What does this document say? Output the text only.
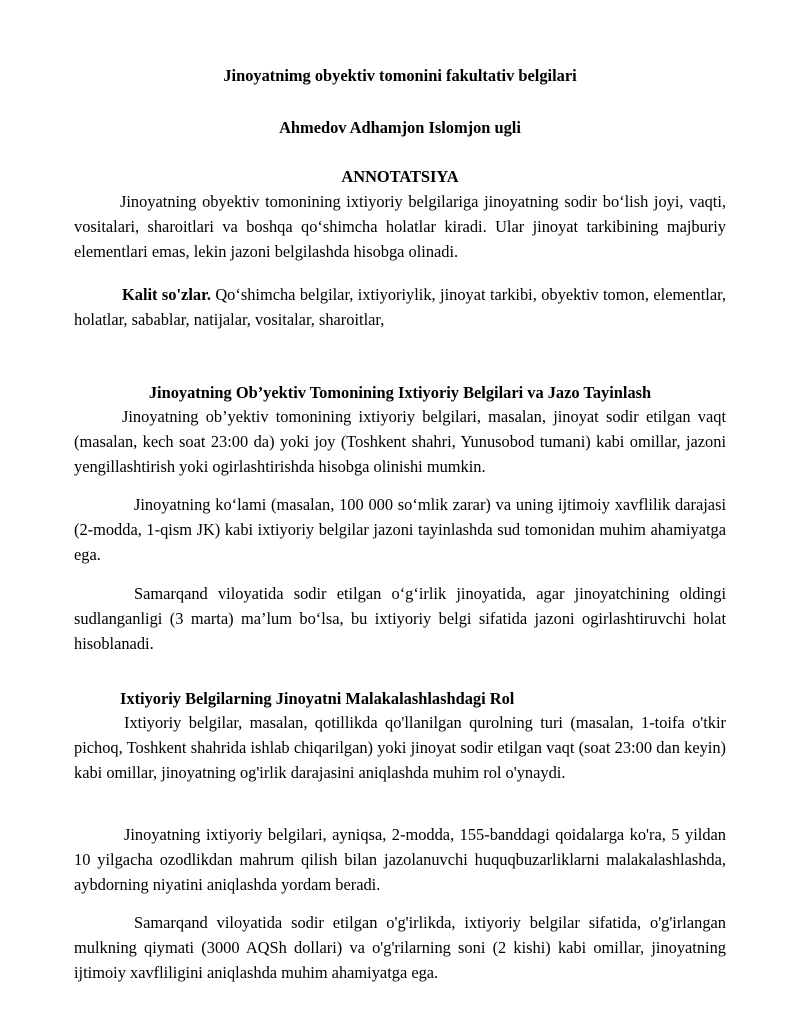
Jinoyatnimg obyektiv tomonini fakultativ belgilari
Ahmedov Adhamjon Islomjon ugli
ANNOTATSIYA
Jinoyatning obyektiv tomonining ixtiyoriy belgilariga jinoyatning sodir bo‘lish joyi, vaqti, vositalari, sharoitlari va boshqa qo‘shimcha holatlar kiradi. Ular jinoyat tarkibining majburiy elementlari emas, lekin jazoni belgilashda hisobga olinadi.
Kalit so'zlar. Qo‘shimcha belgilar, ixtiyoriylik, jinoyat tarkibi, obyektiv tomon, elementlar, holatlar, sabablar, natijalar, vositalar, sharoitlar,
Jinoyatning Ob’yektiv Tomonining Ixtiyoriy Belgilari va Jazo Tayinlash
Jinoyatning ob’yektiv tomonining ixtiyoriy belgilari, masalan, jinoyat sodir etilgan vaqt (masalan, kech soat 23:00 da) yoki joy (Toshkent shahri, Yunusobod tumani) kabi omillar, jazoni yengillashtirish yoki ogirlashtirishda hisobga olinishi mumkin.
Jinoyatning ko‘lami (masalan, 100 000 so‘mlik zarar) va uning ijtimoiy xavflilik darajasi (2-modda, 1-qism JK) kabi ixtiyoriy belgilar jazoni tayinlashda sud tomonidan muhim ahamiyatga ega.
Samarqand viloyatida sodir etilgan o‘g‘irlik jinoyatida, agar jinoyatchining oldingi sudlanganligi (3 marta) ma’lum bo‘lsa, bu ixtiyoriy belgi sifatida jazoni ogirlashtiruvchi holat hisoblanadi.
Ixtiyoriy Belgilarning Jinoyatni Malakalashlashdagi Rol
Ixtiyoriy belgilar, masalan, qotillikda qo'llanilgan qurolning turi (masalan, 1-toifa o'tkir pichoq, Toshkent shahrida ishlab chiqarilgan) yoki jinoyat sodir etilgan vaqt (soat 23:00 dan keyin) kabi omillar, jinoyatning og'irlik darajasini aniqlashda muhim rol o'ynaydi.
Jinoyatning ixtiyoriy belgilari, ayniqsa, 2-modda, 155-banddagi qoidalarga ko'ra, 5 yildan 10 yilgacha ozodlikdan mahrum qilish bilan jazolanuvchi huquqbuzarliklarni malakalashlashda, aybdorning niyatini aniqlashda yordam beradi.
Samarqand viloyatida sodir etilgan o'g'irlikda, ixtiyoriy belgilar sifatida, o'g'irlangan mulkning qiymati (3000 AQSh dollari) va o'g'rilarning soni (2 kishi) kabi omillar, jinoyatning ijtimoiy xavfliligini aniqlashda muhim ahamiyatga ega.
